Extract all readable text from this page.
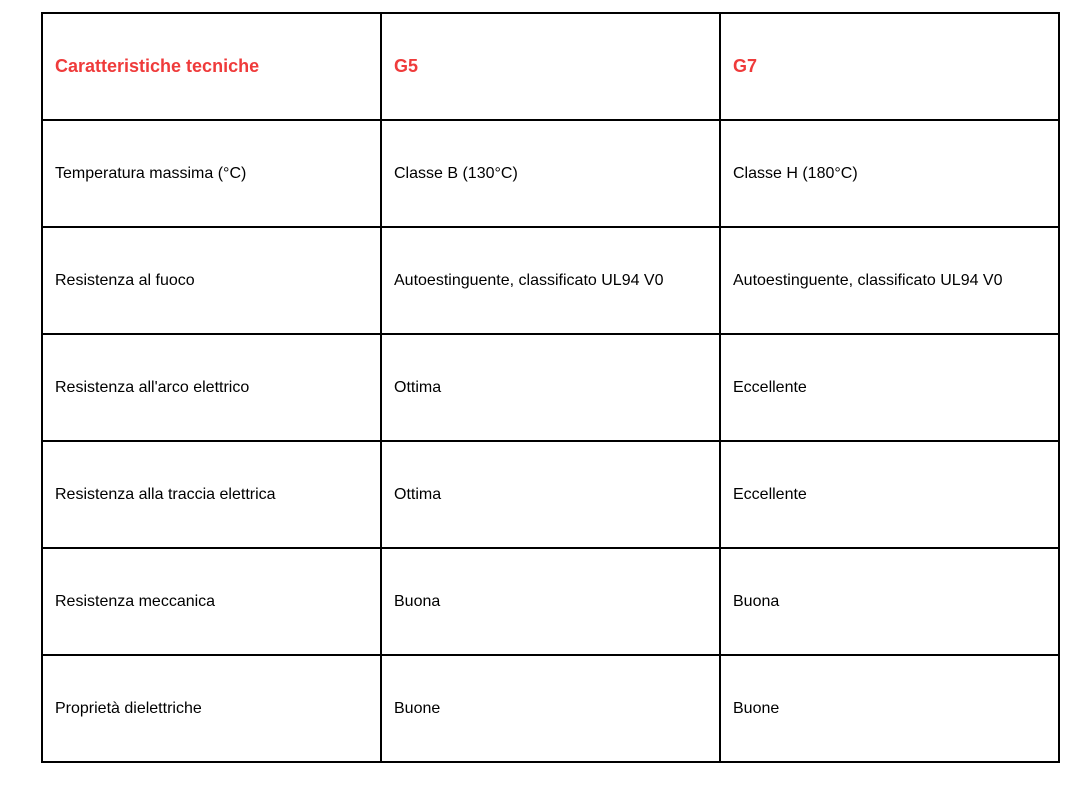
Caratteristiche tecniche	G5	G7
Temperatura massima (°C)	Classe B (130°C)	Classe H (180°C)
Resistenza al fuoco	Autoestinguente, classificato UL94 V0	Autoestinguente, classificato UL94 V0
Resistenza all'arco elettrico	Ottima	Eccellente
Resistenza alla traccia elettrica	Ottima	Eccellente
Resistenza meccanica	Buona	Buona
Proprietà dielettriche	Buone	Buone
